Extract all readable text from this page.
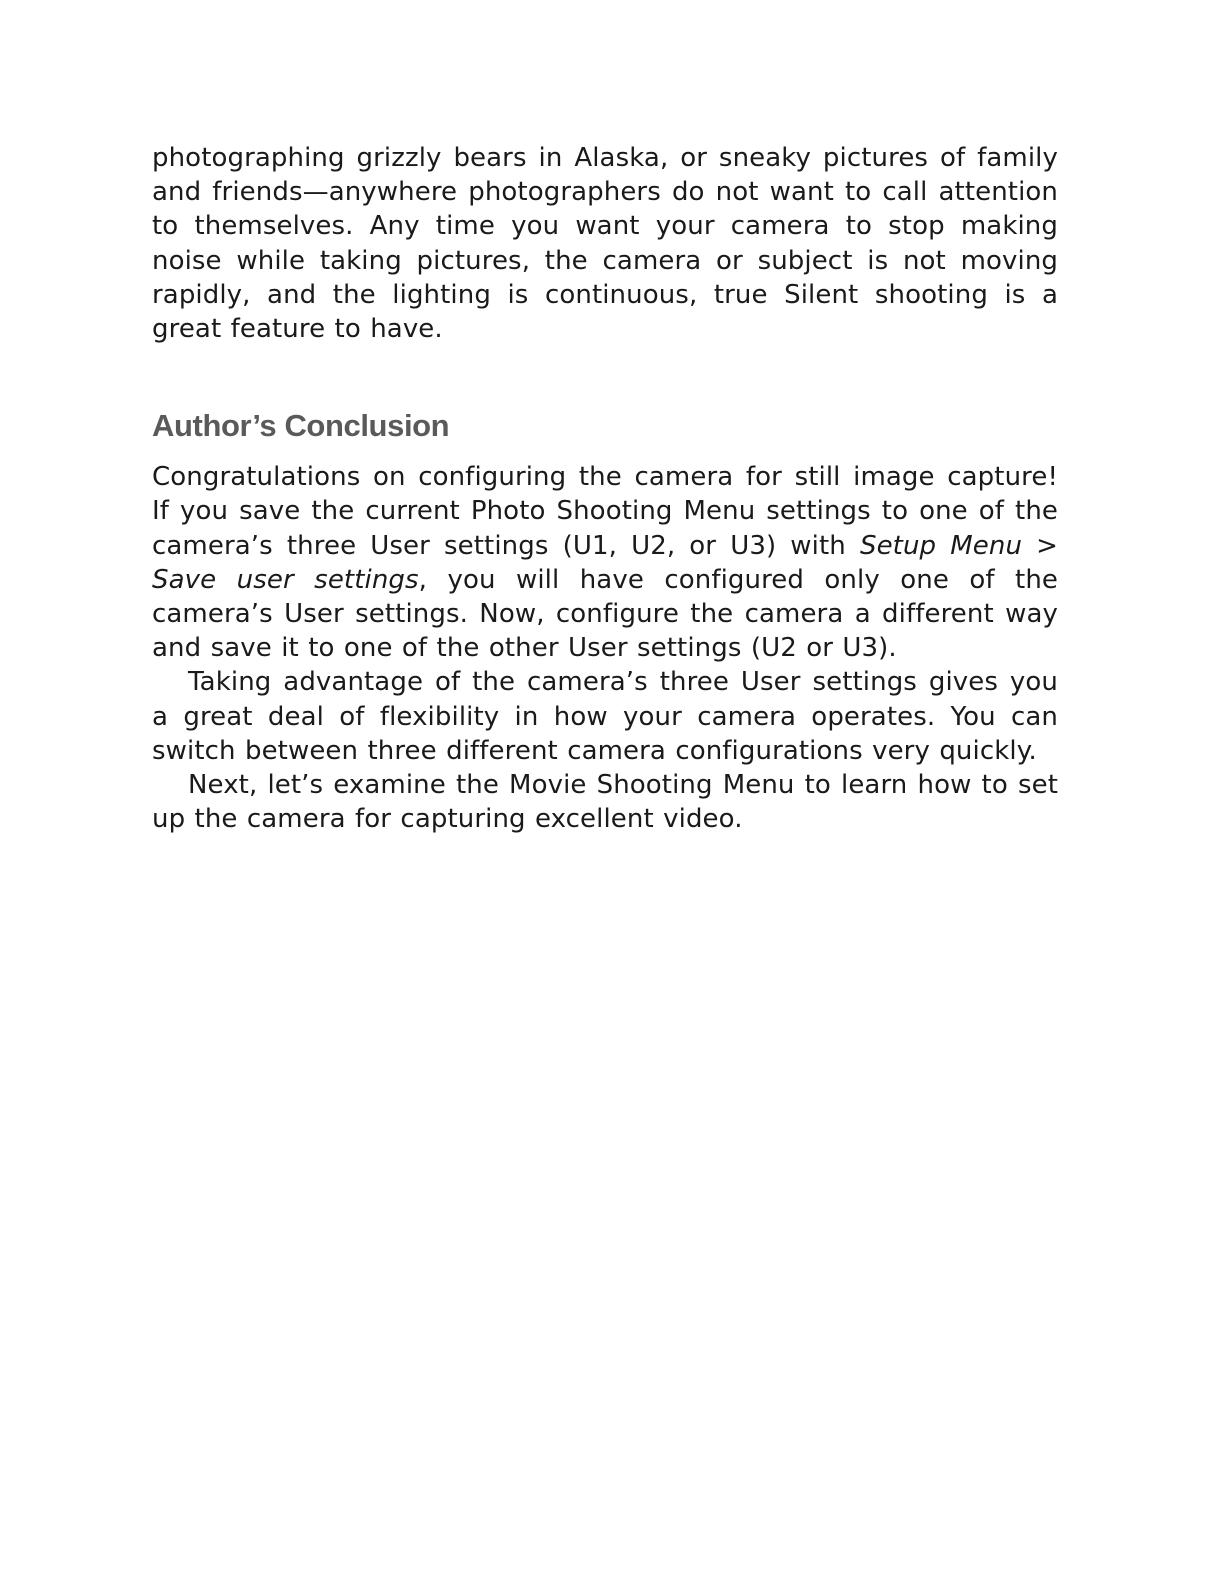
photographing grizzly bears in Alaska, or sneaky pictures of family and friends—anywhere photographers do not want to call attention to themselves. Any time you want your camera to stop making noise while taking pictures, the camera or subject is not moving rapidly, and the lighting is continuous, true Silent shooting is a great feature to have.

Author’s Conclusion

Congratulations on configuring the camera for still image capture! If you save the current Photo Shooting Menu settings to one of the camera’s three User settings (U1, U2, or U3) with Setup Menu > Save user settings, you will have configured only one of the camera’s User settings. Now, configure the camera a different way and save it to one of the other User settings (U2 or U3).

Taking advantage of the camera’s three User settings gives you a great deal of flexibility in how your camera operates. You can switch between three different camera configurations very quickly.

Next, let’s examine the Movie Shooting Menu to learn how to set up the camera for capturing excellent video.
